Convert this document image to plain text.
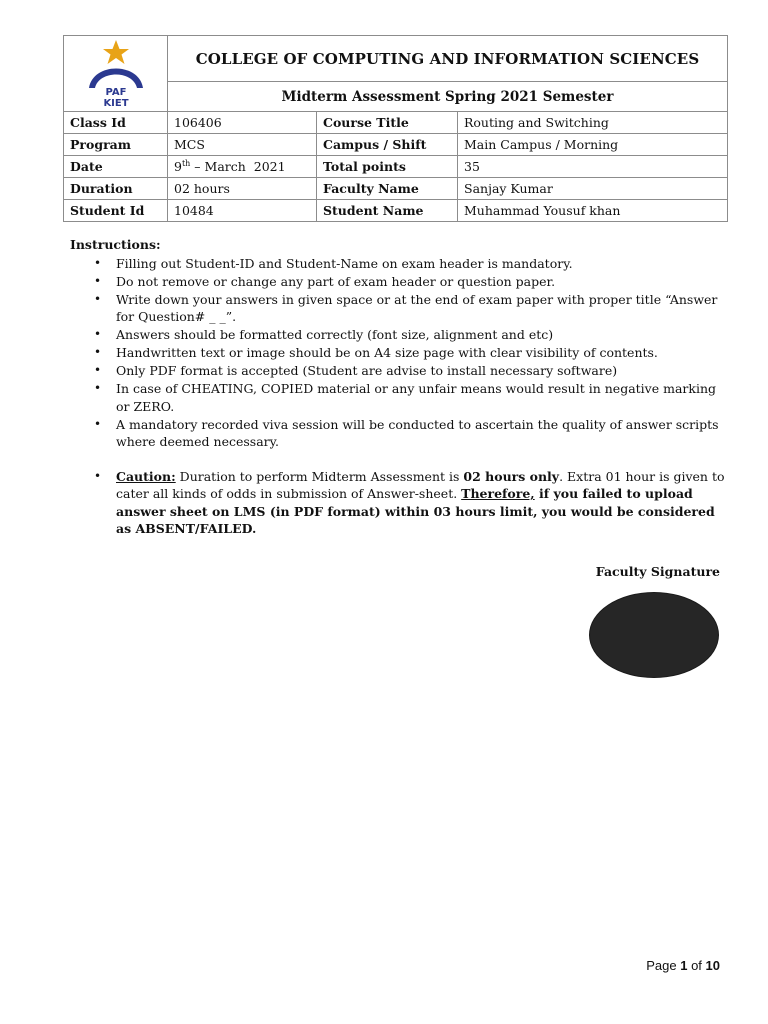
PAF
KIET	COLLEGE OF COMPUTING AND INFORMATION SCIENCES		
	Midterm Assessment Spring 2021 Semester		
Class Id	106406	Course Title	Routing and Switching
Program	MCS	Campus / Shift	Main Campus / Morning
Date	9th – March  2021	Total points	35
Duration	02 hours	Faculty Name	Sanjay Kumar
Student Id	10484	Student Name	Muhammad Yousuf khan
Instructions:
• Filling out Student-ID and Student-Name on exam header is mandatory.
• Do not remove or change any part of exam header or question paper.
• Write down your answers in given space or at the end of exam paper with proper title “Answer for Question# _ _”.
• Answers should be formatted correctly (font size, alignment and etc)
• Handwritten text or image should be on A4 size page with clear visibility of contents.
• Only PDF format is accepted (Student are advise to install necessary software)
• In case of CHEATING, COPIED material or any unfair means would result in negative marking or ZERO.
• A mandatory recorded viva session will be conducted to ascertain the quality of answer scripts where deemed necessary.
• Caution: Duration to perform Midterm Assessment is 02 hours only. Extra 01 hour is given to cater all kinds of odds in submission of Answer-sheet. Therefore, if you failed to upload answer sheet on LMS (in PDF format) within 03 hours limit, you would be considered as ABSENT/FAILED.
Faculty Signature
Page 1 of 10
